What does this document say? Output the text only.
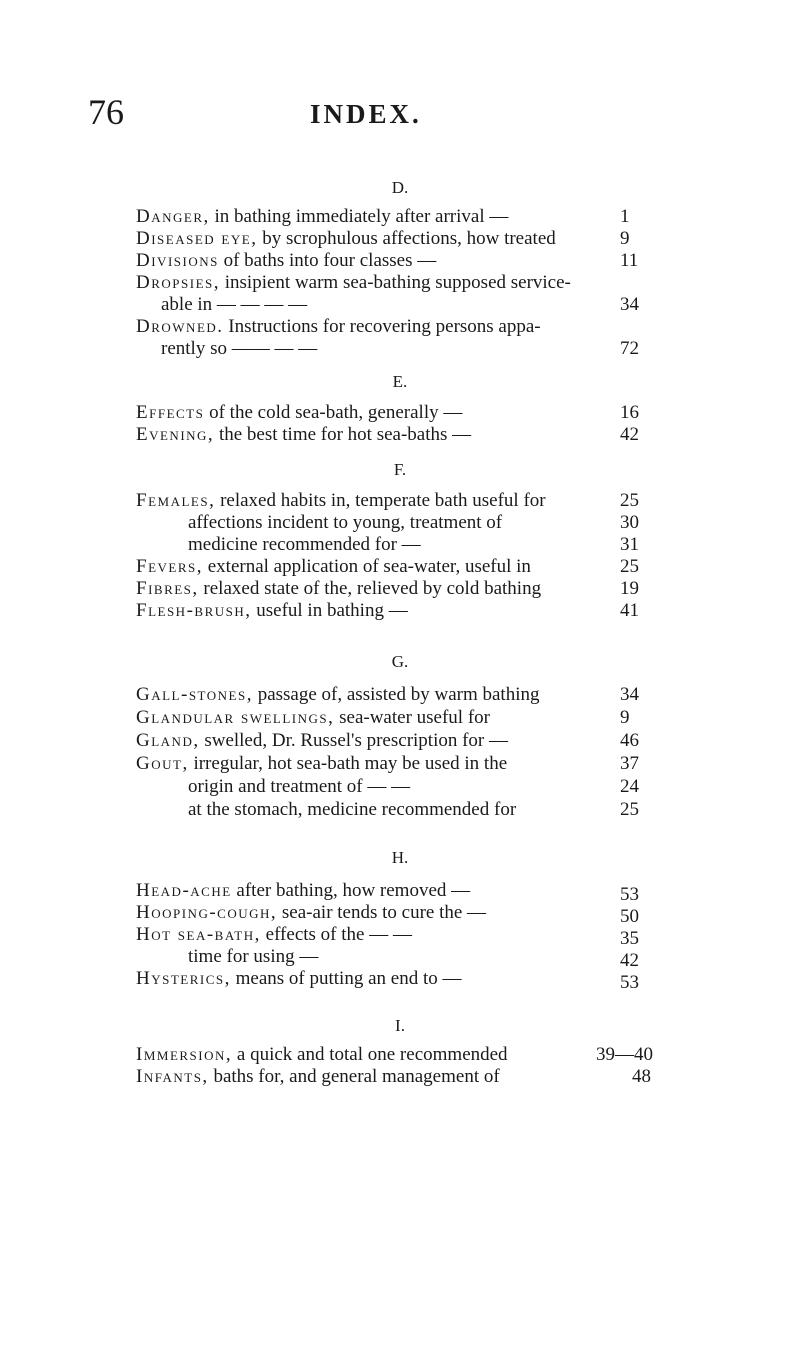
76	INDEX.
D.
Danger, in bathing immediately after arrival —	1
Diseased eye, by scrophulous affections, how treated	9
Divisions of baths into four classes —	11
Dropsies, insipient warm sea-bathing supposed service-
able in — — — —	34
Drowned. Instructions for recovering persons appa-
rently so —— — —	72
E.
Effects of the cold sea-bath, generally —	16
Evening, the best time for hot sea-baths —	42
F.
Females, relaxed habits in, temperate bath useful for	25
affections incident to young, treatment of	30
medicine recommended for —	31
Fevers, external application of sea-water, useful in	25
Fibres, relaxed state of the, relieved by cold bathing	19
Flesh-brush, useful in bathing —	41
G.
Gall-stones, passage of, assisted by warm bathing	34
Glandular swellings, sea-water useful for	9
Gland, swelled, Dr. Russel's prescription for —	46
Gout, irregular, hot sea-bath may be used in the	37
origin and treatment of — —	24
at the stomach, medicine recommended for	25
H.
Head-ache after bathing, how removed —	53
Hooping-cough, sea-air tends to cure the —	50
Hot sea-bath, effects of the — —	35
time for using —	42
Hysterics, means of putting an end to —	53
I.
Immersion, a quick and total one recommended	39—40
Infants, baths for, and general management of	48
